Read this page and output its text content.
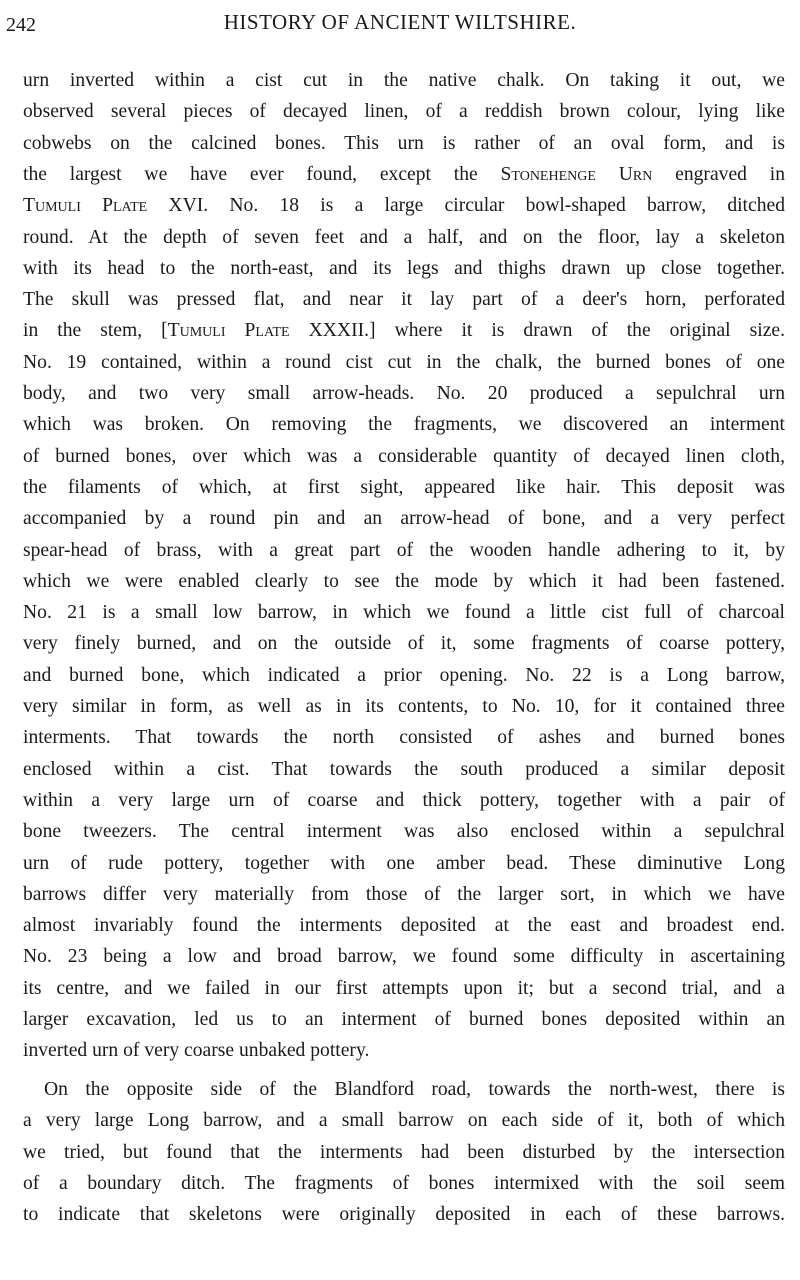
242	HISTORY OF ANCIENT WILTSHIRE.
urn inverted within a cist cut in the native chalk. On taking it out, we
observed several pieces of decayed linen, of a reddish brown colour, lying like
cobwebs on the calcined bones. This urn is rather of an oval form, and is
the largest we have ever found, except the Stonehenge Urn engraved in
Tumuli Plate XVI. No. 18 is a large circular bowl-shaped barrow, ditched
round. At the depth of seven feet and a half, and on the floor, lay a skeleton
with its head to the north-east, and its legs and thighs drawn up close together.
The skull was pressed flat, and near it lay part of a deer's horn, perforated
in the stem, [Tumuli Plate XXXII.] where it is drawn of the original size.
No. 19 contained, within a round cist cut in the chalk, the burned bones of one
body, and two very small arrow-heads. No. 20 produced a sepulchral urn
which was broken. On removing the fragments, we discovered an interment
of burned bones, over which was a considerable quantity of decayed linen cloth,
the filaments of which, at first sight, appeared like hair. This deposit was
accompanied by a round pin and an arrow-head of bone, and a very perfect
spear-head of brass, with a great part of the wooden handle adhering to it, by
which we were enabled clearly to see the mode by which it had been fastened.
No. 21 is a small low barrow, in which we found a little cist full of charcoal
very finely burned, and on the outside of it, some fragments of coarse pottery,
and burned bone, which indicated a prior opening. No. 22 is a Long barrow,
very similar in form, as well as in its contents, to No. 10, for it contained three
interments. That towards the north consisted of ashes and burned bones
enclosed within a cist. That towards the south produced a similar deposit
within a very large urn of coarse and thick pottery, together with a pair of
bone tweezers. The central interment was also enclosed within a sepulchral
urn of rude pottery, together with one amber bead. These diminutive Long
barrows differ very materially from those of the larger sort, in which we have
almost invariably found the interments deposited at the east and broadest end.
No. 23 being a low and broad barrow, we found some difficulty in ascertaining
its centre, and we failed in our first attempts upon it; but a second trial, and a
larger excavation, led us to an interment of burned bones deposited within an
inverted urn of very coarse unbaked pottery.
On the opposite side of the Blandford road, towards the north-west, there is
a very large Long barrow, and a small barrow on each side of it, both of which
we tried, but found that the interments had been disturbed by the intersection
of a boundary ditch. The fragments of bones intermixed with the soil seem
to indicate that skeletons were originally deposited in each of these barrows.
